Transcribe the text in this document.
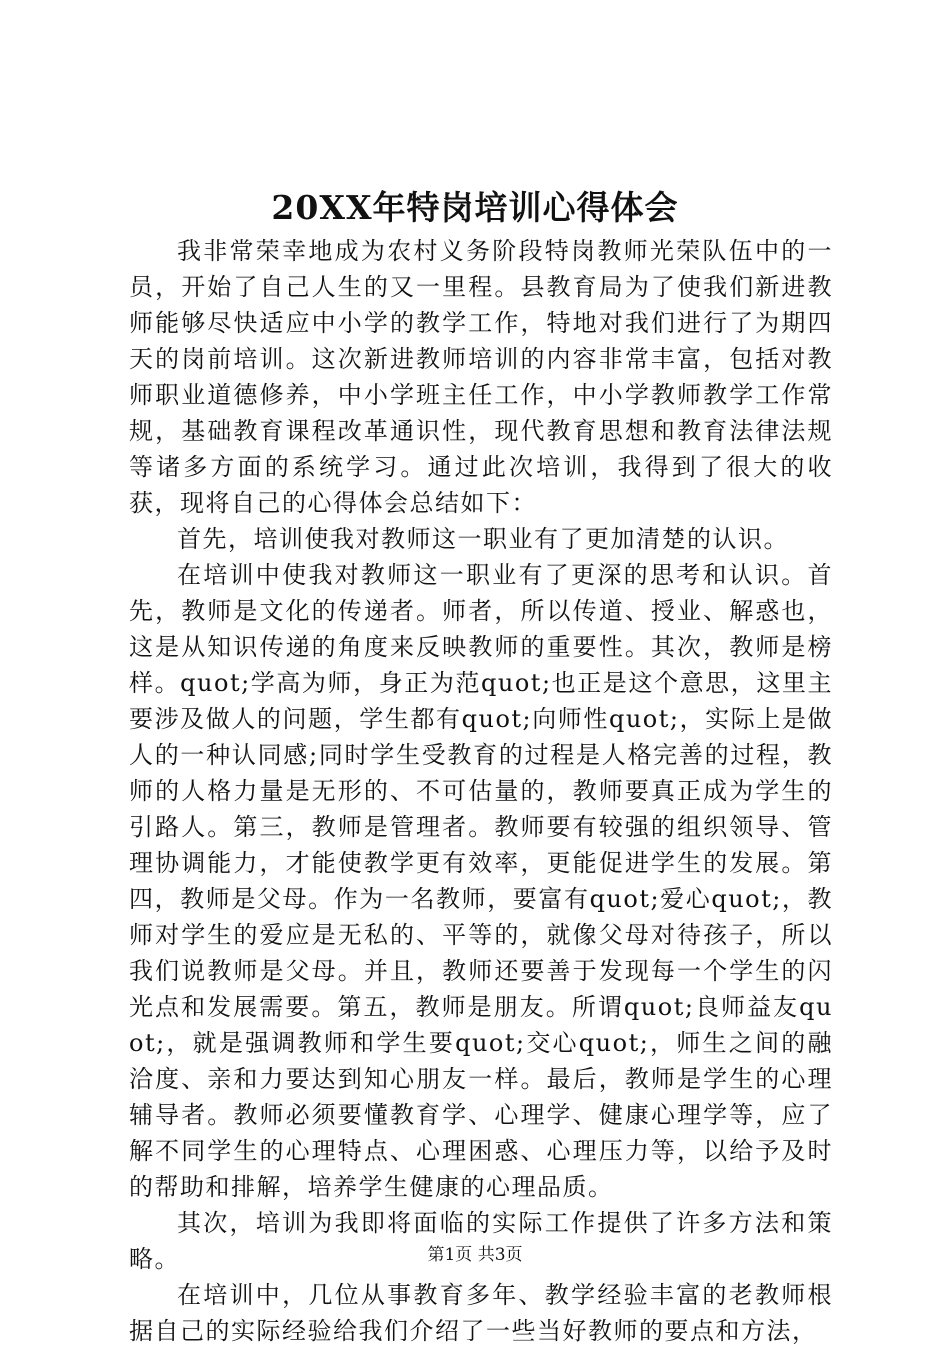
20XX年特岗培训心得体会

我非常荣幸地成为农村义务阶段特岗教师光荣队伍中的一员，开始了自己人生的又一里程。县教育局为了使我们新进教师能够尽快适应中小学的教学工作，特地对我们进行了为期四天的岗前培训。这次新进教师培训的内容非常丰富，包括对教师职业道德修养，中小学班主任工作，中小学教师教学工作常规，基础教育课程改革通识性，现代教育思想和教育法律法规等诸多方面的系统学习。通过此次培训，我得到了很大的收获，现将自己的心得体会总结如下：

首先，培训使我对教师这一职业有了更加清楚的认识。

在培训中使我对教师这一职业有了更深的思考和认识。首先，教师是文化的传递者。师者，所以传道、授业、解惑也，这是从知识传递的角度来反映教师的重要性。其次，教师是榜样。quot;学高为师，身正为范quot;也正是这个意思，这里主要涉及做人的问题，学生都有quot;向师性quot;，实际上是做人的一种认同感;同时学生受教育的过程是人格完善的过程，教师的人格力量是无形的、不可估量的，教师要真正成为学生的引路人。第三，教师是管理者。教师要有较强的组织领导、管理协调能力，才能使教学更有效率，更能促进学生的发展。第四，教师是父母。作为一名教师，要富有quot;爱心quot;，教师对学生的爱应是无私的、平等的，就像父母对待孩子，所以我们说教师是父母。并且，教师还要善于发现每一个学生的闪光点和发展需要。第五，教师是朋友。所谓quot;良师益友quot;，就是强调教师和学生要quot;交心quot;，师生之间的融洽度、亲和力要达到知心朋友一样。最后，教师是学生的心理辅导者。教师必须要懂教育学、心理学、健康心理学等，应了解不同学生的心理特点、心理困惑、心理压力等，以给予及时的帮助和排解，培养学生健康的心理品质。

其次，培训为我即将面临的实际工作提供了许多方法和策略。

在培训中，几位从事教育多年、教学经验丰富的老教师根据自己的实际经验给我们介绍了一些当好教师的要点和方法，

第1页 共3页
